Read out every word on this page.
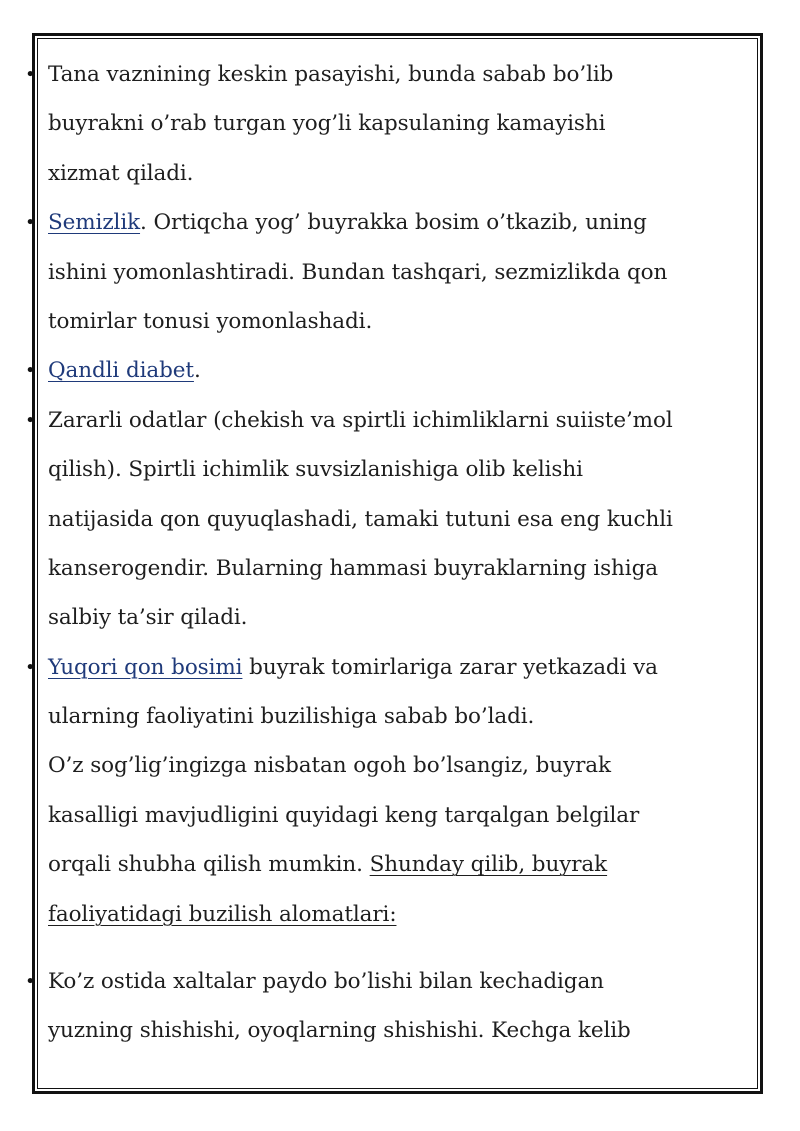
• Tana vaznining keskin pasayishi, bunda sabab bo’lib
buyrakni o’rab turgan yog’li kapsulaning kamayishi
xizmat qiladi.
• Semizlik. Ortiqcha yog’ buyrakka bosim o’tkazib, uning
ishini yomonlashtiradi. Bundan tashqari, sezmizlikda qon
tomirlar tonusi yomonlashadi.
• Qandli diabet.
• Zararli odatlar (chekish va spirtli ichimliklarni suiiste’mol
qilish). Spirtli ichimlik suvsizlanishiga olib kelishi
natijasida qon quyuqlashadi, tamaki tutuni esa eng kuchli
kanserogendir. Bularning hammasi buyraklarning ishiga
salbiy ta’sir qiladi.
• Yuqori qon bosimi buyrak tomirlariga zarar yetkazadi va
ularning faoliyatini buzilishiga sabab bo’ladi.
O’z sog’lig’ingizga nisbatan ogoh bo’lsangiz, buyrak
kasalligi mavjudligini quyidagi keng tarqalgan belgilar
orqali shubha qilish mumkin. Shunday qilib, buyrak
faoliyatidagi buzilish alomatlari:
• Ko’z ostida xaltalar paydo bo’lishi bilan kechadigan
yuzning shishishi, oyoqlarning shishishi. Kechga kelib
